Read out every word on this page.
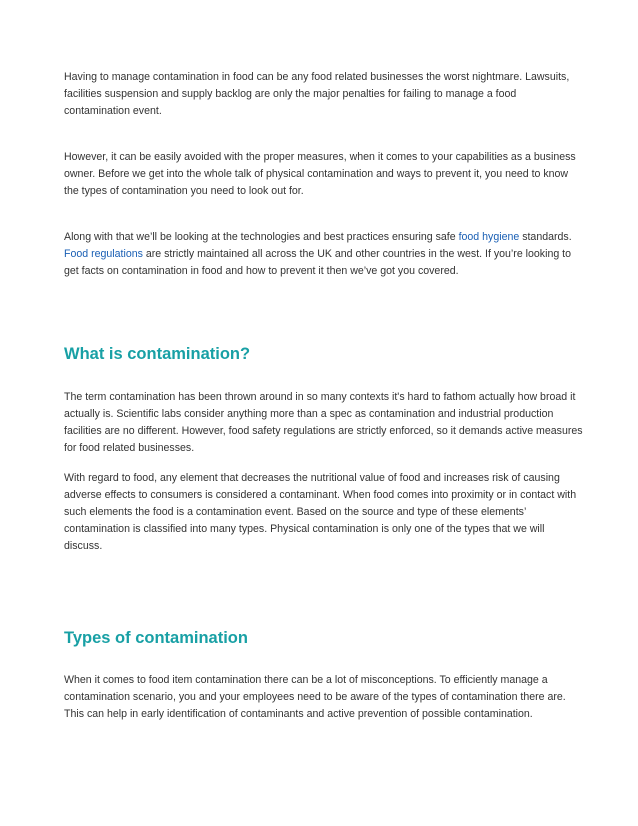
Having to manage contamination in food can be any food related businesses the worst nightmare. Lawsuits, facilities suspension and supply backlog are only the major penalties for failing to manage a food contamination event.

However, it can be easily avoided with the proper measures, when it comes to your capabilities as a business owner. Before we get into the whole talk of physical contamination and ways to prevent it, you need to know the types of contamination you need to look out for.

Along with that we’ll be looking at the technologies and best practices ensuring safe food hygiene standards. Food regulations are strictly maintained all across the UK and other countries in the west. If you’re looking to get facts on contamination in food and how to prevent it then we’ve got you covered.

What is contamination?

The term contamination has been thrown around in so many contexts it's hard to fathom actually how broad it actually is. Scientific labs consider anything more than a spec as contamination and industrial production facilities are no different. However, food safety regulations are strictly enforced, so it demands active measures for food related businesses.

With regard to food, any element that decreases the nutritional value of food and increases risk of causing adverse effects to consumers is considered a contaminant. When food comes into proximity or in contact with such elements the food is a contamination event. Based on the source and type of these elements’ contamination is classified into many types. Physical contamination is only one of the types that we will discuss.

Types of contamination

When it comes to food item contamination there can be a lot of misconceptions. To efficiently manage a contamination scenario, you and your employees need to be aware of the types of contamination there are. This can help in early identification of contaminants and active prevention of possible contamination.
